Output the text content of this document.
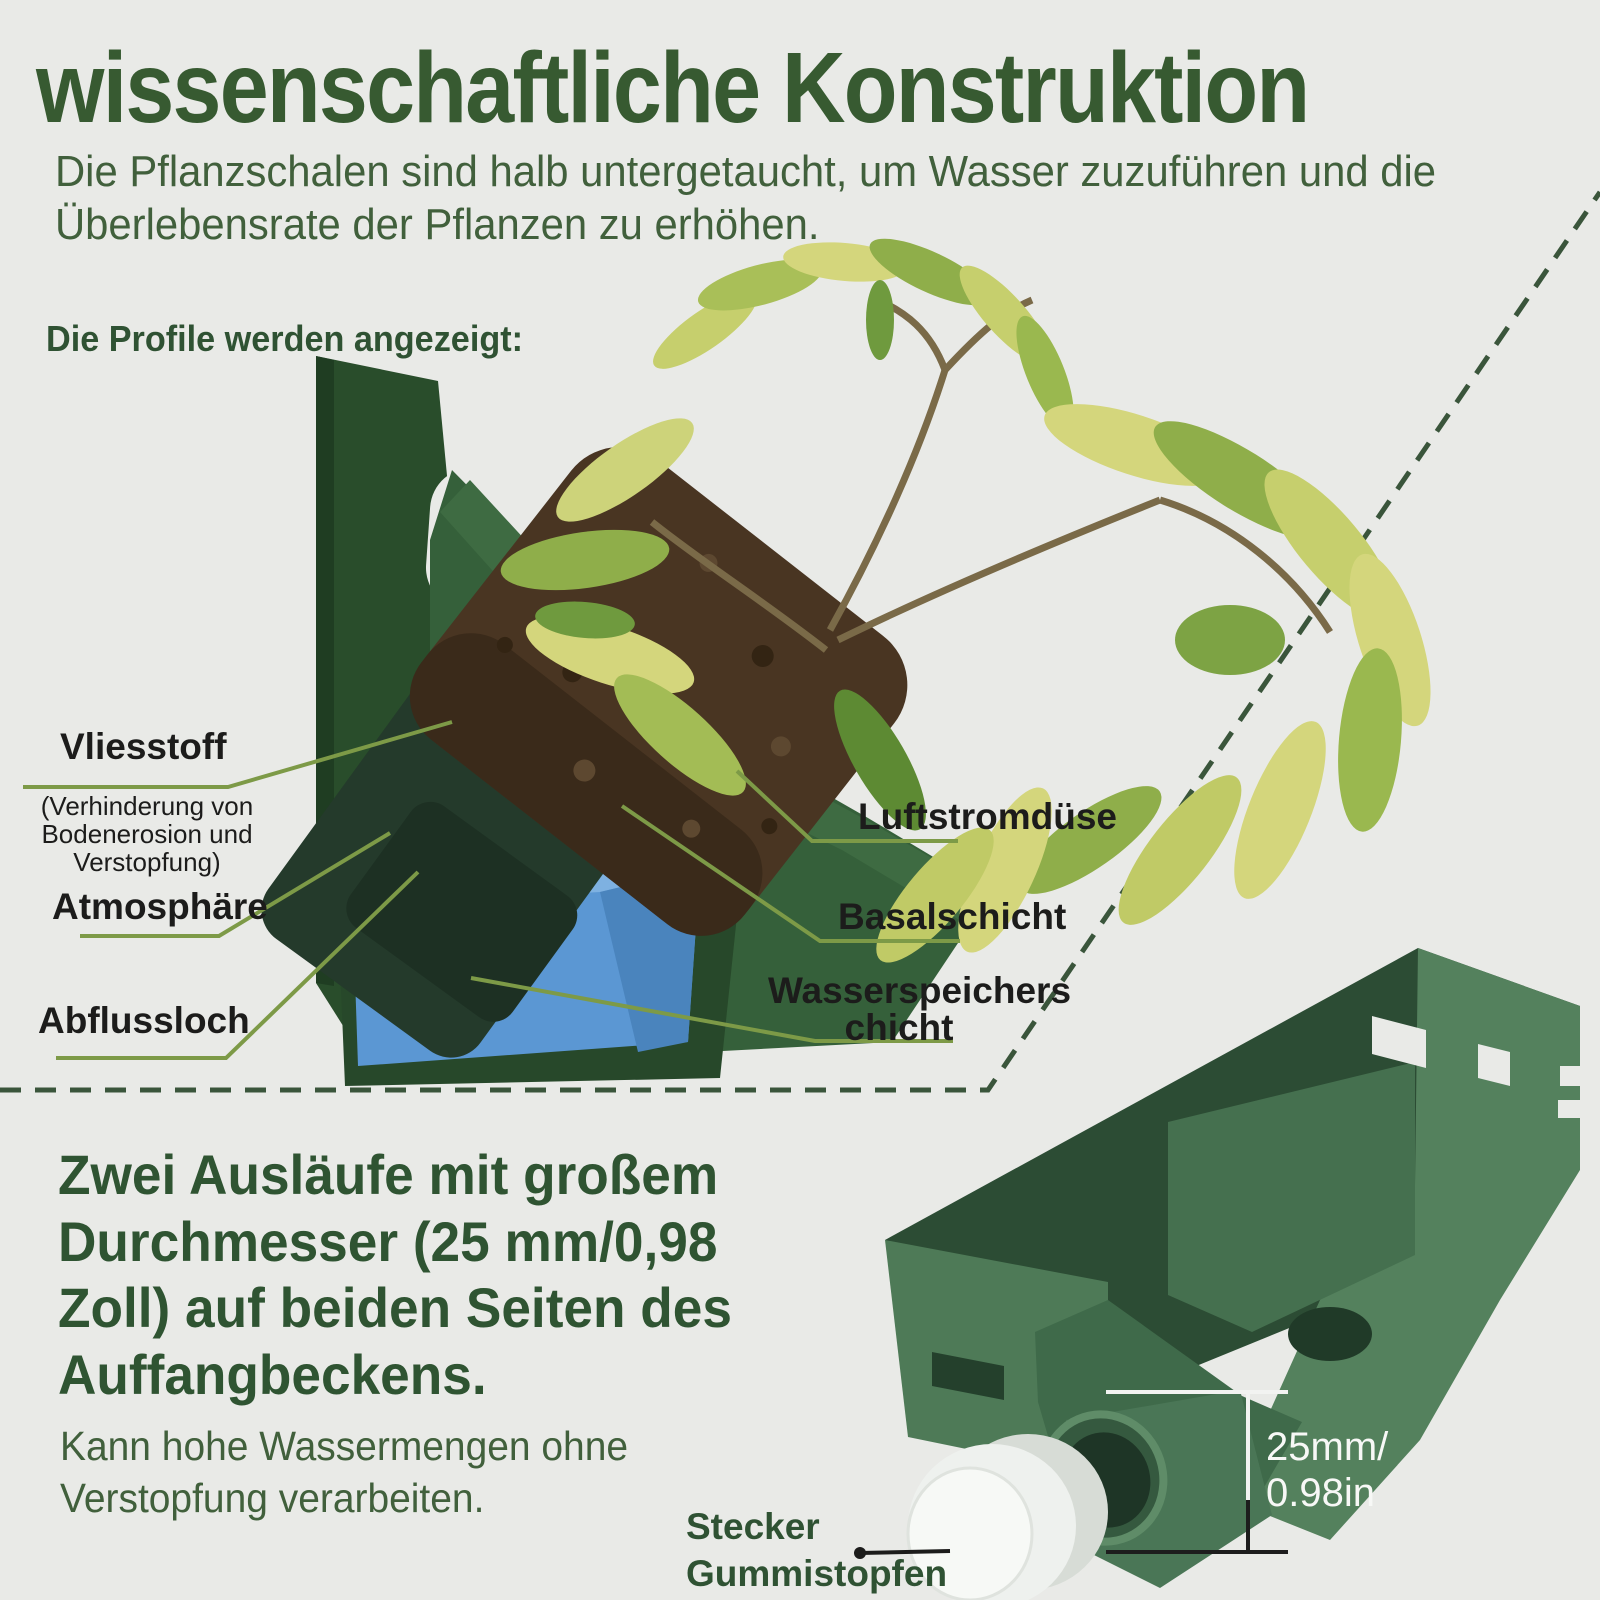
wissenschaftliche Konstruktion
Die Pflanzschalen sind halb untergetaucht, um Wasser zuzuführen und die
Überlebensrate der Pflanzen zu erhöhen.
Die Profile werden angezeigt:
Vliesstoff
(Verhinderung von
Bodenerosion und
Verstopfung)
Atmosphäre
Abflussloch
Luftstromdüse
Basalschicht
Wasserspeichers
chicht
Zwei Ausläufe mit großem
Durchmesser (25 mm/0,98
Zoll) auf beiden Seiten des
Auffangbeckens.
Kann hohe Wassermengen ohne
Verstopfung verarbeiten.
Stecker
Gummistopfen
25mm/
0.98in
